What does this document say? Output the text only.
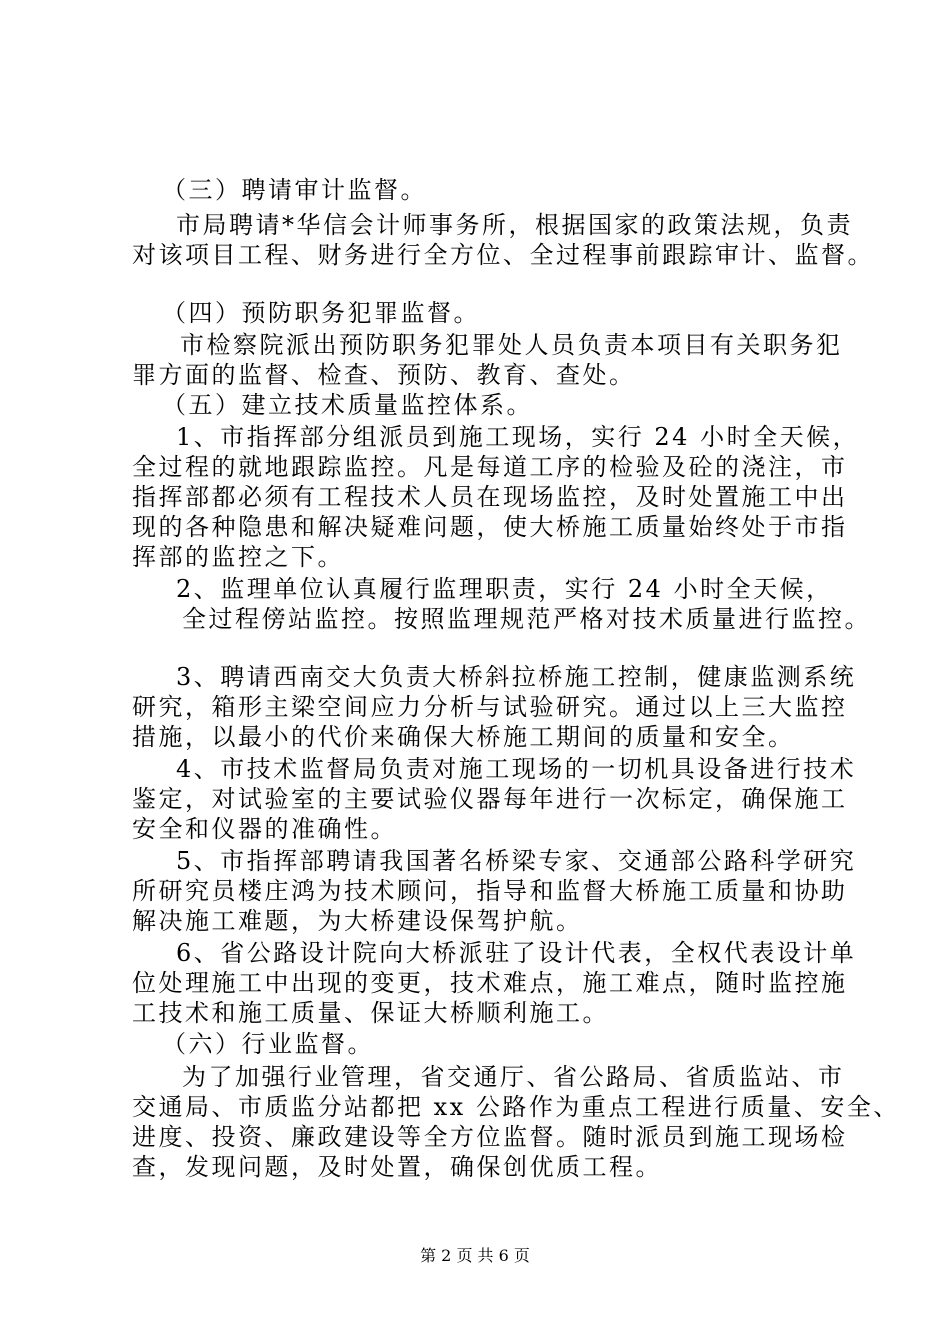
（三）聘请审计监督。
市局聘请*华信会计师事务所，根据国家的政策法规，负责
对该项目工程、财务进行全方位、全过程事前跟踪审计、监督。
（四）预防职务犯罪监督。
市检察院派出预防职务犯罪处人员负责本项目有关职务犯
罪方面的监督、检查、预防、教育、查处。
（五）建立技术质量监控体系。
1、市指挥部分组派员到施工现场，实行 24 小时全天候，
全过程的就地跟踪监控。凡是每道工序的检验及砼的浇注，市
指挥部都必须有工程技术人员在现场监控，及时处置施工中出
现的各种隐患和解决疑难问题，使大桥施工质量始终处于市指
挥部的监控之下。
2、监理单位认真履行监理职责，实行 24 小时全天候，
全过程傍站监控。按照监理规范严格对技术质量进行监控。
3、聘请西南交大负责大桥斜拉桥施工控制，健康监测系统
研究，箱形主梁空间应力分析与试验研究。通过以上三大监控
措施，以最小的代价来确保大桥施工期间的质量和安全。
4、市技术监督局负责对施工现场的一切机具设备进行技术
鉴定，对试验室的主要试验仪器每年进行一次标定，确保施工
安全和仪器的准确性。
5、市指挥部聘请我国著名桥梁专家、交通部公路科学研究
所研究员楼庄鸿为技术顾问，指导和监督大桥施工质量和协助
解决施工难题，为大桥建设保驾护航。
6、省公路设计院向大桥派驻了设计代表，全权代表设计单
位处理施工中出现的变更，技术难点，施工难点，随时监控施
工技术和施工质量、保证大桥顺利施工。
（六）行业监督。
为了加强行业管理，省交通厅、省公路局、省质监站、市
交通局、市质监分站都把 xx 公路作为重点工程进行质量、安全、
进度、投资、廉政建设等全方位监督。随时派员到施工现场检
查，发现问题，及时处置，确保创优质工程。
第 2 页 共 6 页
